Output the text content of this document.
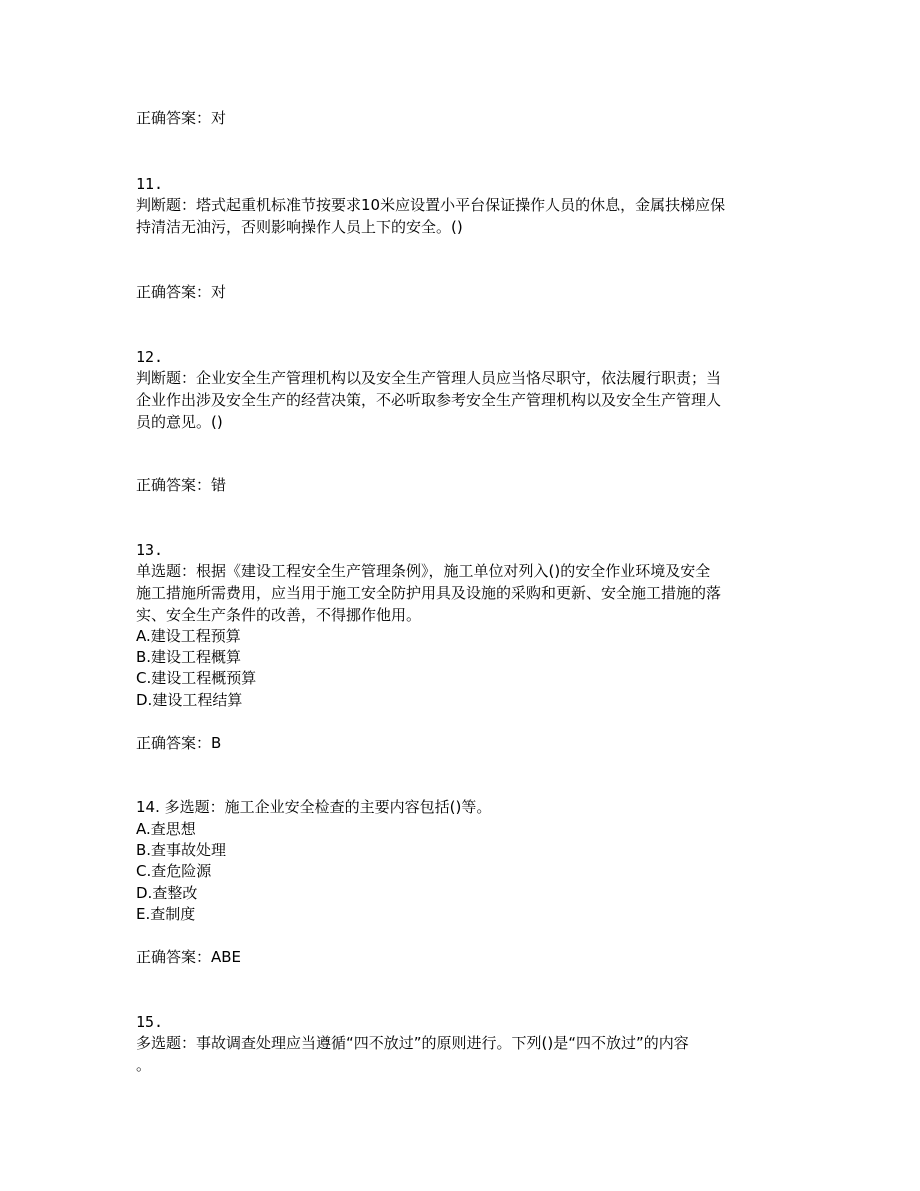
正确答案：对
11.
判断题：塔式起重机标准节按要求10米应设置小平台保证操作人员的休息，金属扶梯应保
持清洁无油污，否则影响操作人员上下的安全。()
正确答案：对
12.
判断题：企业安全生产管理机构以及安全生产管理人员应当恪尽职守，依法履行职责；当
企业作出涉及安全生产的经营决策，不必听取参考安全生产管理机构以及安全生产管理人
员的意见。()
正确答案：错
13.
单选题：根据《建设工程安全生产管理条例》，施工单位对列入()的安全作业环境及安全
施工措施所需费用，应当用于施工安全防护用具及设施的采购和更新、安全施工措施的落
实、安全生产条件的改善，不得挪作他用。
A.建设工程预算
B.建设工程概算
C.建设工程概预算
D.建设工程结算
正确答案：B
14. 多选题：施工企业安全检查的主要内容包括()等。
A.查思想
B.查事故处理
C.查危险源
D.查整改
E.查制度
正确答案：ABE
15.
多选题：事故调查处理应当遵循“四不放过”的原则进行。下列()是“四不放过”的内容
。
